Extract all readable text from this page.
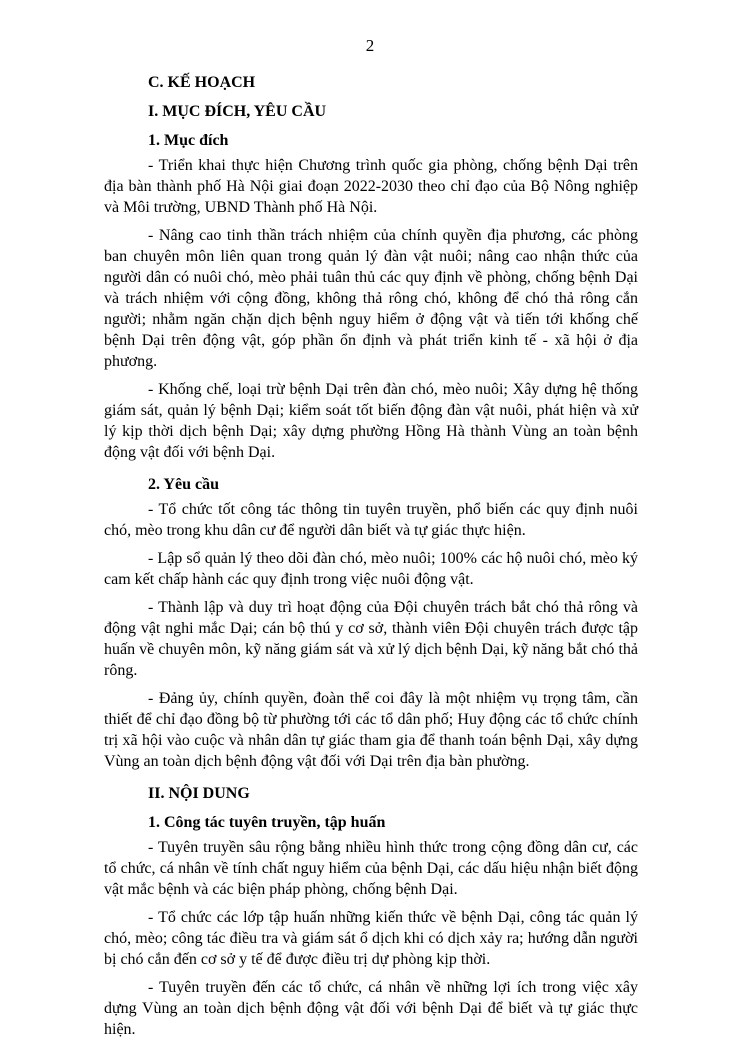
2
C. KẾ HOẠCH
I. MỤC ĐÍCH, YÊU CẦU
1. Mục đích

- Triển khai thực hiện Chương trình quốc gia phòng, chống bệnh Dại trên địa bàn thành phố Hà Nội giai đoạn 2022-2030 theo chỉ đạo của Bộ Nông nghiệp và Môi trường, UBND Thành phố Hà Nội.

- Nâng cao tinh thần trách nhiệm của chính quyền địa phương, các phòng ban chuyên môn liên quan trong quản lý đàn vật nuôi; nâng cao nhận thức của người dân có nuôi chó, mèo phải tuân thủ các quy định về phòng, chống bệnh Dại và trách nhiệm với cộng đồng, không thả rông chó, không để chó thả rông cắn người; nhằm ngăn chặn dịch bệnh nguy hiểm ở động vật và tiến tới khống chế bệnh Dại trên động vật, góp phần ổn định và phát triển kinh tế - xã hội ở địa phương.

- Khống chế, loại trừ bệnh Dại trên đàn chó, mèo nuôi; Xây dựng hệ thống giám sát, quản lý bệnh Dại; kiểm soát tốt biến động đàn vật nuôi, phát hiện và xử lý kịp thời dịch bệnh Dại; xây dựng phường Hồng Hà thành Vùng an toàn bệnh động vật đối với bệnh Dại.

2. Yêu cầu

- Tổ chức tốt công tác thông tin tuyên truyền, phổ biến các quy định nuôi chó, mèo trong khu dân cư để người dân biết và tự giác thực hiện.

- Lập sổ quản lý theo dõi đàn chó, mèo nuôi; 100% các hộ nuôi chó, mèo ký cam kết chấp hành các quy định trong việc nuôi động vật.

- Thành lập và duy trì hoạt động của Đội chuyên trách bắt chó thả rông và động vật nghi mắc Dại; cán bộ thú y cơ sở, thành viên Đội chuyên trách được tập huấn về chuyên môn, kỹ năng giám sát và xử lý dịch bệnh Dại, kỹ năng bắt chó thả rông.

- Đảng ủy, chính quyền, đoàn thể coi đây là một nhiệm vụ trọng tâm, cần thiết để chỉ đạo đồng bộ từ phường tới các tổ dân phố; Huy động các tổ chức chính trị xã hội vào cuộc và nhân dân tự giác tham gia để thanh toán bệnh Dại, xây dựng Vùng an toàn dịch bệnh động vật đối với Dại trên địa bàn phường.

II. NỘI DUNG
1. Công tác tuyên truyền, tập huấn

- Tuyên truyền sâu rộng bằng nhiều hình thức trong cộng đồng dân cư, các tổ chức, cá nhân về tính chất nguy hiểm của bệnh Dại, các dấu hiệu nhận biết động vật mắc bệnh và các biện pháp phòng, chống bệnh Dại.

- Tổ chức các lớp tập huấn những kiến thức về bệnh Dại, công tác quản lý chó, mèo; công tác điều tra và giám sát ổ dịch khi có dịch xảy ra; hướng dẫn người bị chó cắn đến cơ sở y tế để được điều trị dự phòng kịp thời.

- Tuyên truyền đến các tổ chức, cá nhân về những lợi ích trong việc xây dựng Vùng an toàn dịch bệnh động vật đối với bệnh Dại để biết và tự giác thực hiện.
